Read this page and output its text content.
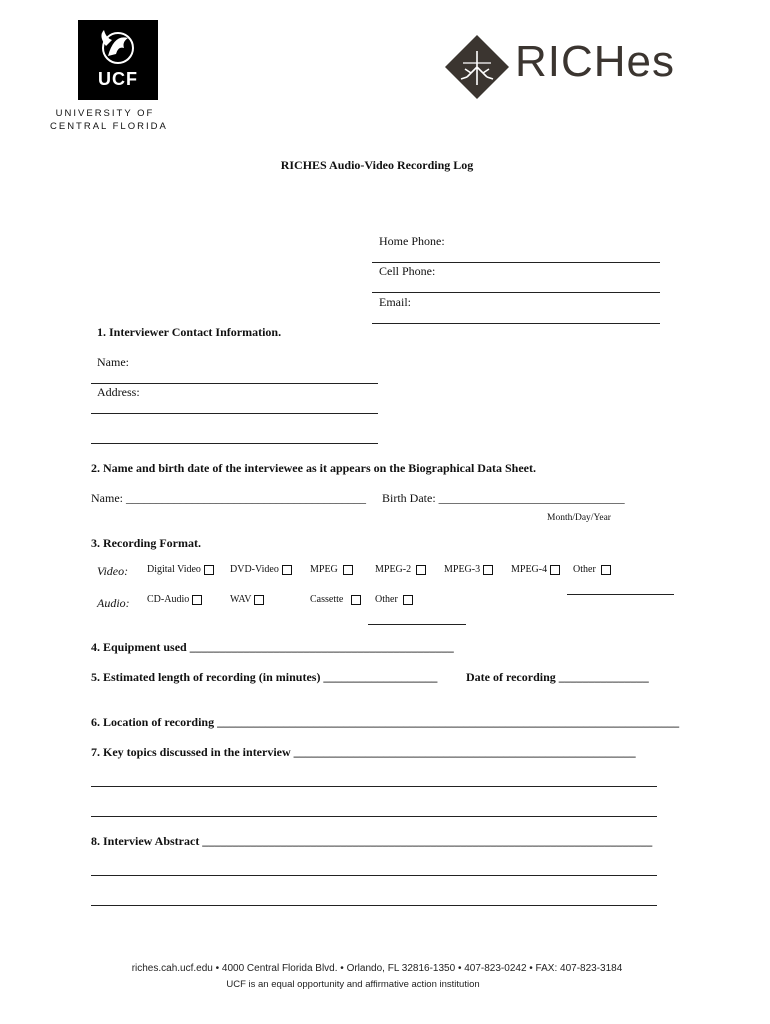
UCF
UNIVERSITY OF
CENTRAL FLORIDA
RICHes
RICHES Audio-Video Recording Log
Home Phone:
Cell Phone:
Email:
1. Interviewer Contact Information.
Name:
Address:
2. Name and birth date of the interviewee as it appears on the Biographical Data Sheet.
Name: ________________________________________ Birth Date: _______________________________
Month/Day/Year
3. Recording Format.
Video: Digital Video	DVD-Video	MPEG	MPEG-2	MPEG-3	MPEG-4	Other
Audio: CD-Audio	WAV	Cassette	Other
4. Equipment used ____________________________________________
5. Estimated length of recording (in minutes) ___________________ Date of recording _______________
6. Location of recording _____________________________________________________________________________
7. Key topics discussed in the interview _________________________________________________________
8. Interview Abstract ___________________________________________________________________________
riches.cah.ucf.edu • 4000 Central Florida Blvd. • Orlando, FL 32816-1350 • 407-823-0242 • FAX: 407-823-3184
UCF is an equal opportunity and affirmative action institution
